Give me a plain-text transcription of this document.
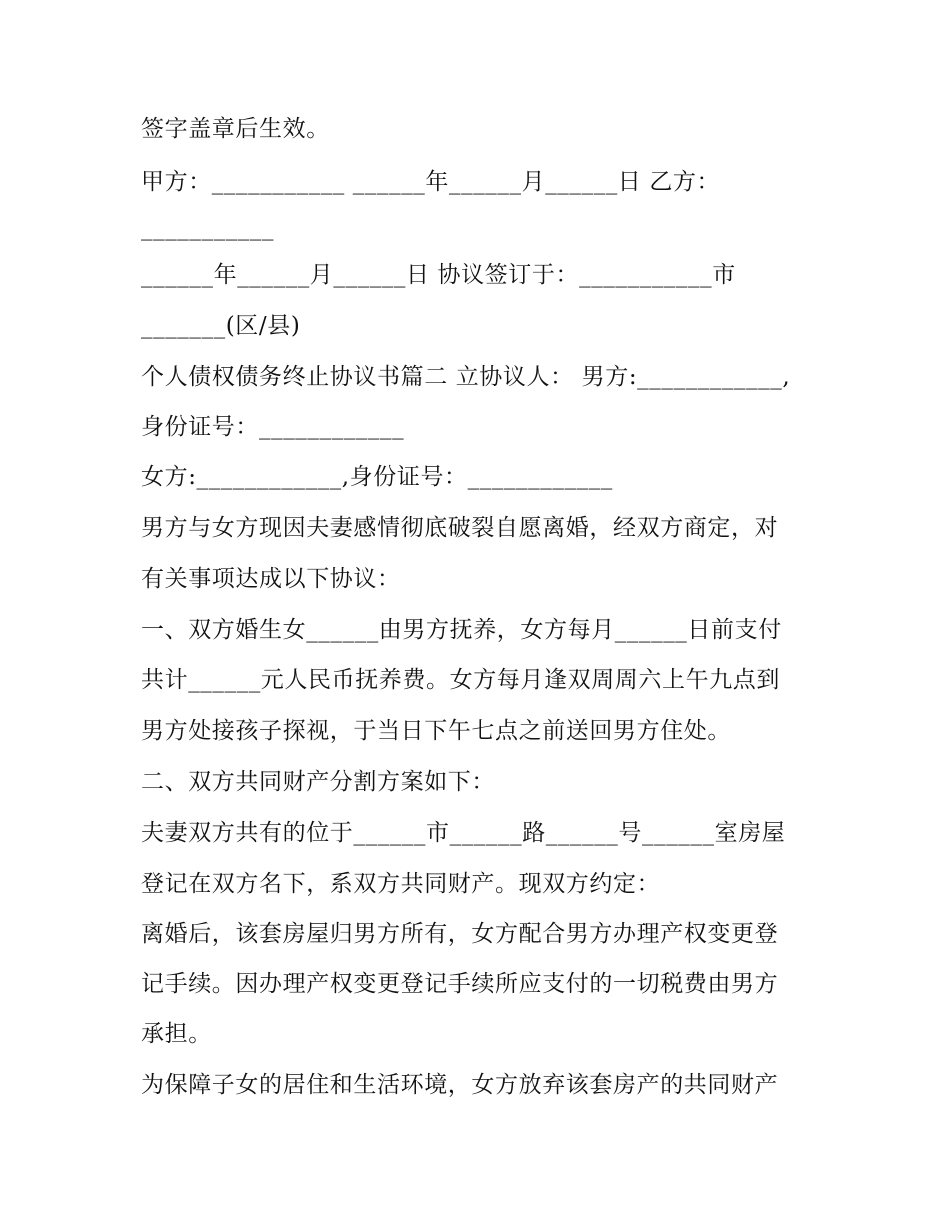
签字盖章后生效。

甲方：___________ ______年______月______日 乙方：

___________

______年______月______日 协议签订于：___________市

_______(区/县)

个人债权债务终止协议书篇二 立协议人： 男方:____________,

身份证号：____________

女方:____________,身份证号：____________

男方与女方现因夫妻感情彻底破裂自愿离婚，经双方商定，对

有关事项达成以下协议：

一、双方婚生女______由男方抚养，女方每月______日前支付

共计______元人民币抚养费。女方每月逢双周周六上午九点到

男方处接孩子探视，于当日下午七点之前送回男方住处。

二、双方共同财产分割方案如下：

夫妻双方共有的位于______市______路______号______室房屋

登记在双方名下，系双方共同财产。现双方约定：

离婚后，该套房屋归男方所有，女方配合男方办理产权变更登

记手续。因办理产权变更登记手续所应支付的一切税费由男方

承担。

为保障子女的居住和生活环境，女方放弃该套房产的共同财产
